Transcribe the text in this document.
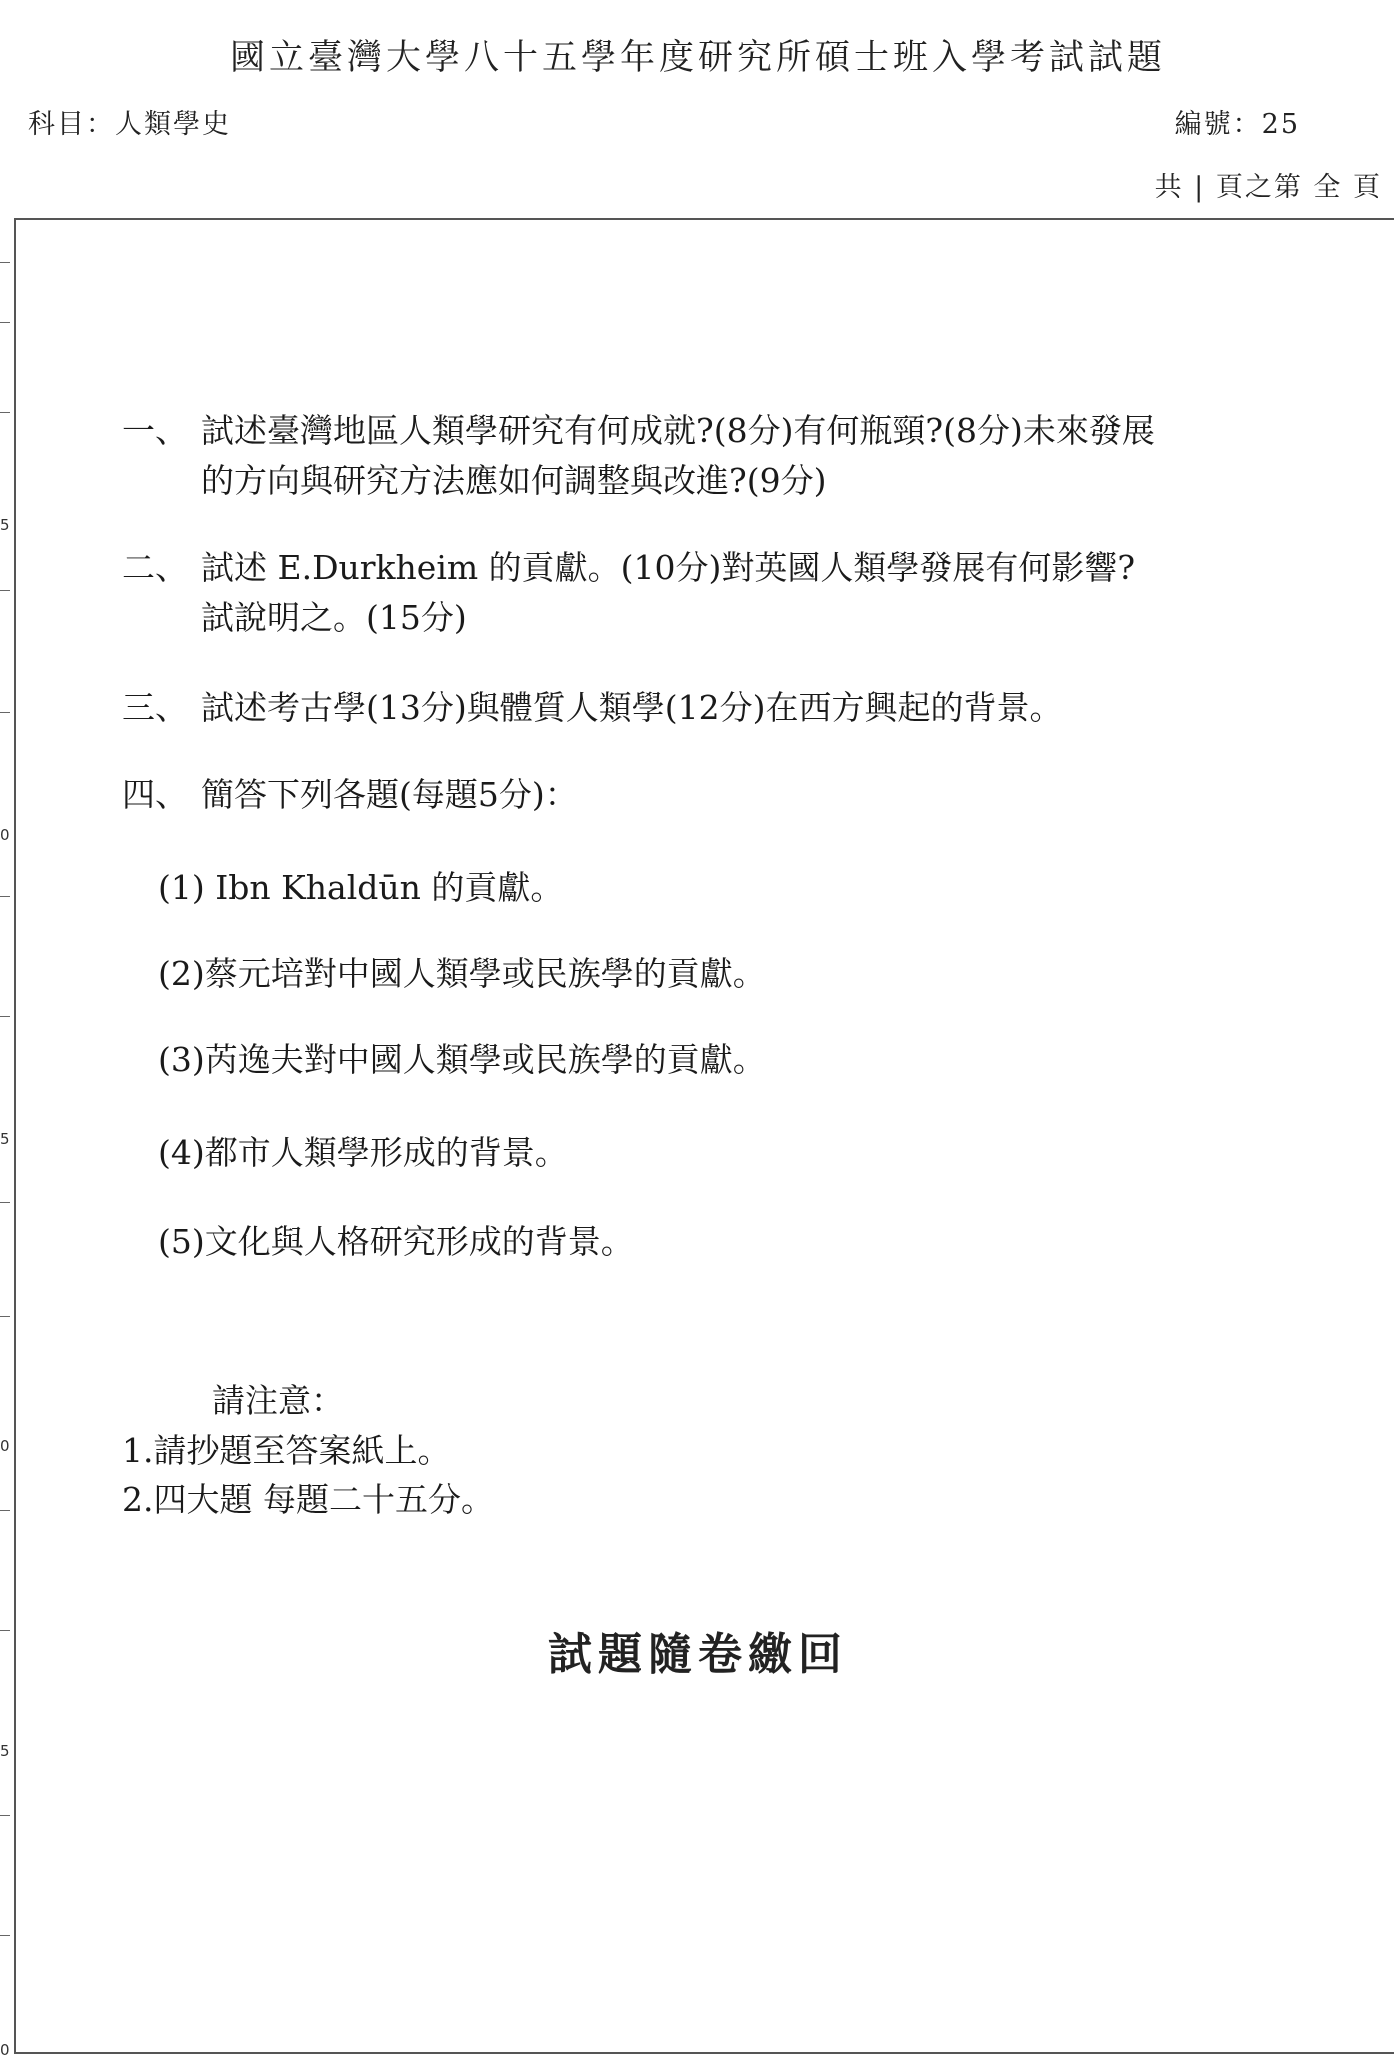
國立臺灣大學八十五學年度研究所碩士班入學考試試題
科目：人類學史	編號：25
共 | 頁之第 全 頁
5
0
5
0
5
0
一、 試述臺灣地區人類學研究有何成就?(8分)有何瓶頸?(8分)未來發展
的方向與研究方法應如何調整與改進?(9分)
二、 試述 E.Durkheim 的貢獻。(10分)對英國人類學發展有何影響?
試說明之。(15分)
三、 試述考古學(13分)與體質人類學(12分)在西方興起的背景。
四、 簡答下列各題(每題5分)：
(1) Ibn Khaldūn 的貢獻。
(2)蔡元培對中國人類學或民族學的貢獻。
(3)芮逸夫對中國人類學或民族學的貢獻。
(4)都市人類學形成的背景。
(5)文化與人格研究形成的背景。
請注意：
1.請抄題至答案紙上。
2.四大題 每題二十五分。
試題隨卷繳回
